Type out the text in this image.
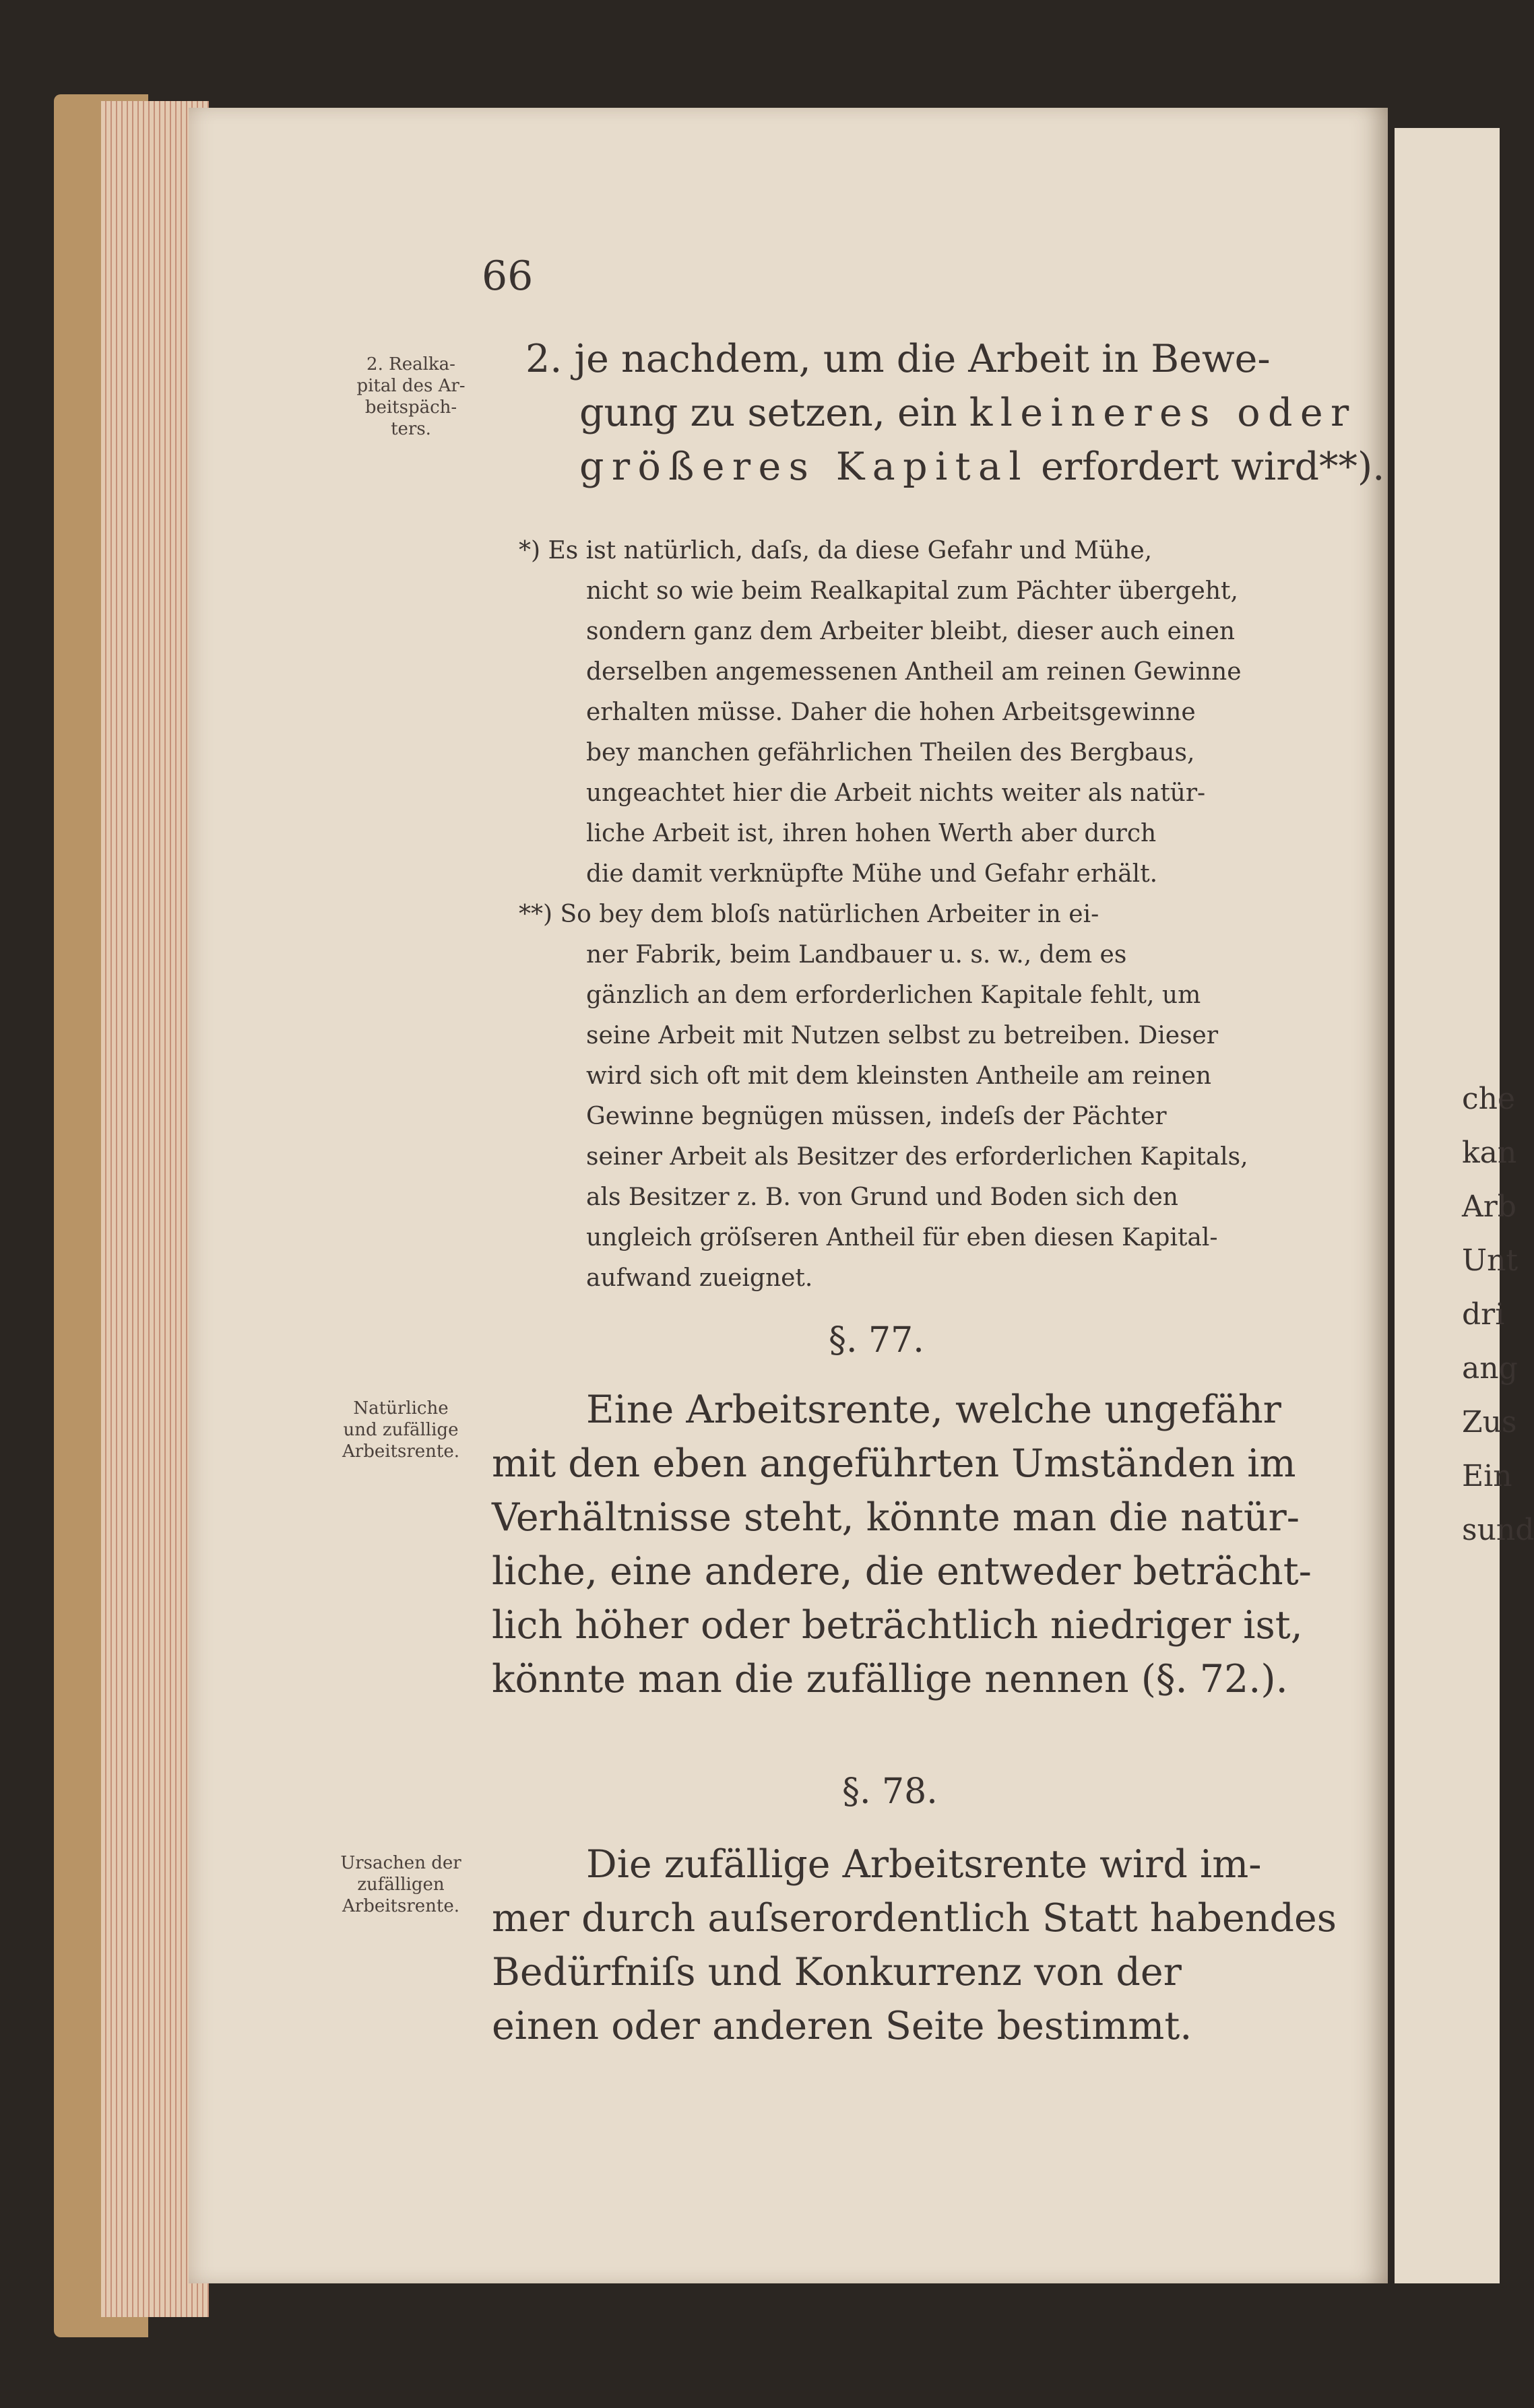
66
2. Realka-
pital des Ar-
beitspäch-
ters.
Natürliche
und zufällige
Arbeitsrente.
Ursachen der
zufälligen
Arbeitsrente.
2. je nachdem, um die Arbeit in Bewe-
gung zu setzen, ein kleineres oder
größeres Kapital erfordert wird**).
*) Es ist natürlich, daſs, da diese Gefahr und Mühe,
nicht so wie beim Realkapital zum Pächter übergeht,
sondern ganz dem Arbeiter bleibt, dieser auch einen
derselben angemessenen Antheil am reinen Gewinne
erhalten müsse. Daher die hohen Arbeitsgewinne
bey manchen gefährlichen Theilen des Bergbaus,
ungeachtet hier die Arbeit nichts weiter als natür-
liche Arbeit ist, ihren hohen Werth aber durch
die damit verknüpfte Mühe und Gefahr erhält.
**) So bey dem bloſs natürlichen Arbeiter in ei-
ner Fabrik, beim Landbauer u. s. w., dem es
gänzlich an dem erforderlichen Kapitale fehlt, um
seine Arbeit mit Nutzen selbst zu betreiben. Dieser
wird sich oft mit dem kleinsten Antheile am reinen
Gewinne begnügen müssen, indeſs der Pächter
seiner Arbeit als Besitzer des erforderlichen Kapitals,
als Besitzer z. B. von Grund und Boden sich den
ungleich gröſseren Antheil für eben diesen Kapital-
aufwand zueignet.
§. 77.
Eine Arbeitsrente, welche ungefähr
mit den eben angeführten Umständen im
Verhältnisse steht, könnte man die natür-
liche, eine andere, die entweder beträcht-
lich höher oder beträchtlich niedriger ist,
könnte man die zufällige nennen (§. 72.).
§. 78.
Die zufällige Arbeitsrente wird im-
mer durch auſserordentlich Statt habendes
Bedürfniſs und Konkurrenz von der
einen oder anderen Seite bestimmt.
che
kan
Arb
Unt
dri
ang
Zus
Ein
sund
